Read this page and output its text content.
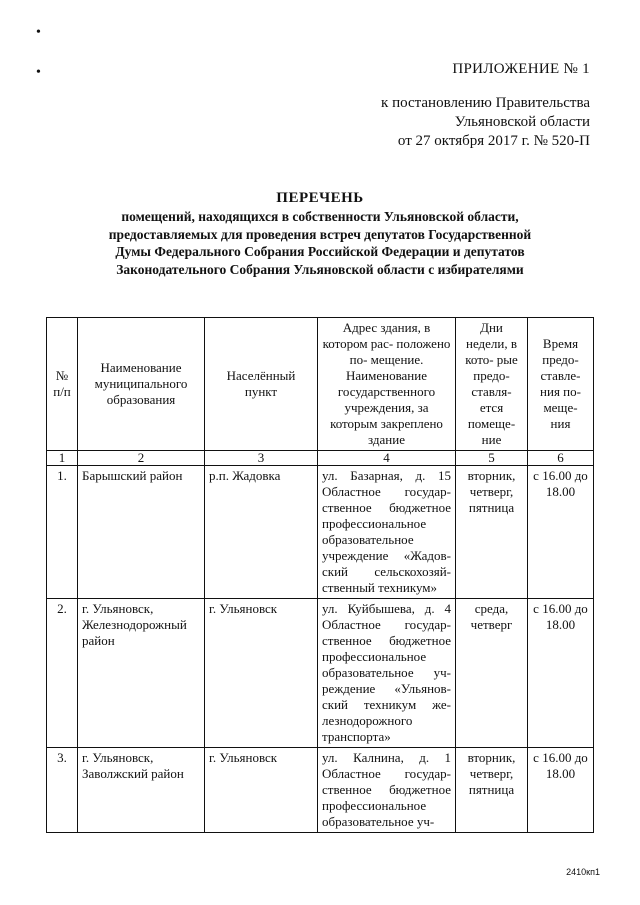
•
•	ПРИЛОЖЕНИЕ № 1
к постановлению Правительства
Ульяновской области
от 27 октября 2017 г. № 520-П
ПЕРЕЧЕНЬ
помещений, находящихся в собственности Ульяновской области,
предоставляемых для проведения встреч депутатов Государственной
Думы Федерального Собрания Российской Федерации и депутатов
Законодательного Собрания Ульяновской области с избирателями
№ п/п	Наименование муниципального образования	Населённый пункт	Адрес здания, в котором рас- положено по- мещение. Наименование государственного учреждения, за которым закреплено здание	Дни недели, в кото- рые предо- ставля- ется помеще- ние	Время предо- ставле- ния по- меще- ния
1	2	3	4	5	6
1.	Барышский район	р.п. Жадовка	ул. Базарная, д. 15 Областное государ- ственное бюджетное профессиональное образовательное учреждение «Жадов- ский сельскохозяй- ственный техникум»	вторник, четверг, пятница	с 16.00 до 18.00
2.	г. Ульяновск, Железнодорожный район	г. Ульяновск	ул. Куйбышева, д. 4 Областное государ- ственное бюджетное профессиональное образовательное уч- реждение «Ульянов- ский техникум же- лезнодорожного транспорта»	среда, четверг	с 16.00 до 18.00
3.	г. Ульяновск, Заволжский район	г. Ульяновск	ул. Калнина, д. 1 Областное государ- ственное бюджетное профессиональное образовательное уч-	вторник, четверг, пятница	с 16.00 до 18.00
2410кп1
